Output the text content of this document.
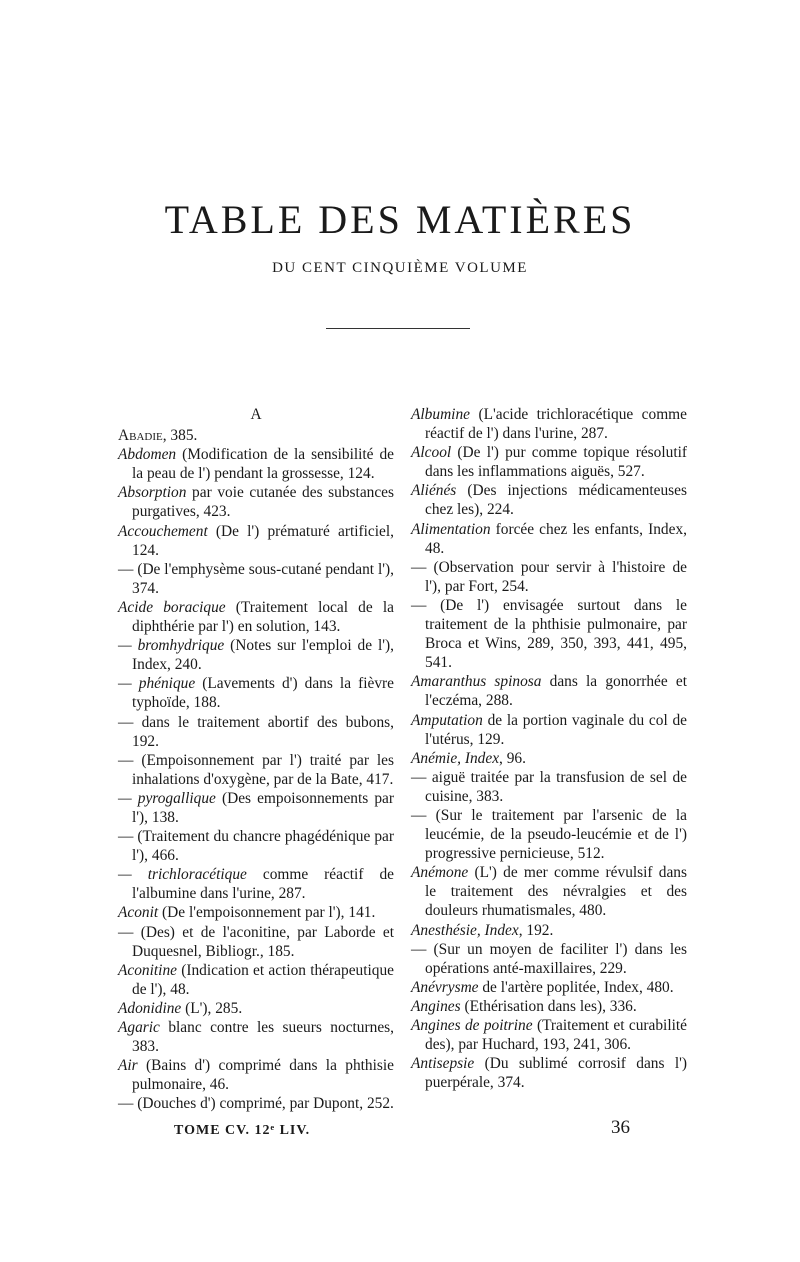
TABLE DES MATIÈRES
DU CENT CINQUIÈME VOLUME

A

Abadie, 385.

Abdomen (Modification de la sensibilité de la peau de l') pendant la grossesse, 124.

Absorption par voie cutanée des substances purgatives, 423.

Accouchement (De l') prématuré artificiel, 124.

— (De l'emphysème sous-cutané pendant l'), 374.

Acide boracique (Traitement local de la diphthérie par l') en solution, 143.

— bromhydrique (Notes sur l'emploi de l'), Index, 240.

— phénique (Lavements d') dans la fièvre typhoïde, 188.

— dans le traitement abortif des bubons, 192.

— (Empoisonnement par l') traité par les inhalations d'oxygène, par de la Bate, 417.

— pyrogallique (Des empoisonnements par l'), 138.

— (Traitement du chancre phagédénique par l'), 466.

— trichloracétique comme réactif de l'albumine dans l'urine, 287.

Aconit (De l'empoisonnement par l'), 141.

— (Des) et de l'aconitine, par Laborde et Duquesnel, Bibliogr., 185.

Aconitine (Indication et action thérapeutique de l'), 48.

Adonidine (L'), 285.

Agaric blanc contre les sueurs nocturnes, 383.

Air (Bains d') comprimé dans la phthisie pulmonaire, 46.

— (Douches d') comprimé, par Dupont, 252.

Albumine (L'acide trichloracétique comme réactif de l') dans l'urine, 287.

Alcool (De l') pur comme topique résolutif dans les inflammations aiguës, 527.

Aliénés (Des injections médicamenteuses chez les), 224.

Alimentation forcée chez les enfants, Index, 48.

— (Observation pour servir à l'histoire de l'), par Fort, 254.

— (De l') envisagée surtout dans le traitement de la phthisie pulmonaire, par Broca et Wins, 289, 350, 393, 441, 495, 541.

Amaranthus spinosa dans la gonorrhée et l'eczéma, 288.

Amputation de la portion vaginale du col de l'utérus, 129.

Anémie, Index, 96.

— aiguë traitée par la transfusion de sel de cuisine, 383.

— (Sur le traitement par l'arsenic de la leucémie, de la pseudo-leucémie et de l') progressive pernicieuse, 512.

Anémone (L') de mer comme révulsif dans le traitement des névralgies et des douleurs rhumatismales, 480.

Anesthésie, Index, 192.

— (Sur un moyen de faciliter l') dans les opérations anté-maxillaires, 229.

Anévrysme de l'artère poplitée, Index, 480.

Angines (Ethérisation dans les), 336.

Angines de poitrine (Traitement et curabilité des), par Huchard, 193, 241, 306.

Antisepsie (Du sublimé corrosif dans l') puerpérale, 374.

TOME CV. 12ᵉ LIV.	36
